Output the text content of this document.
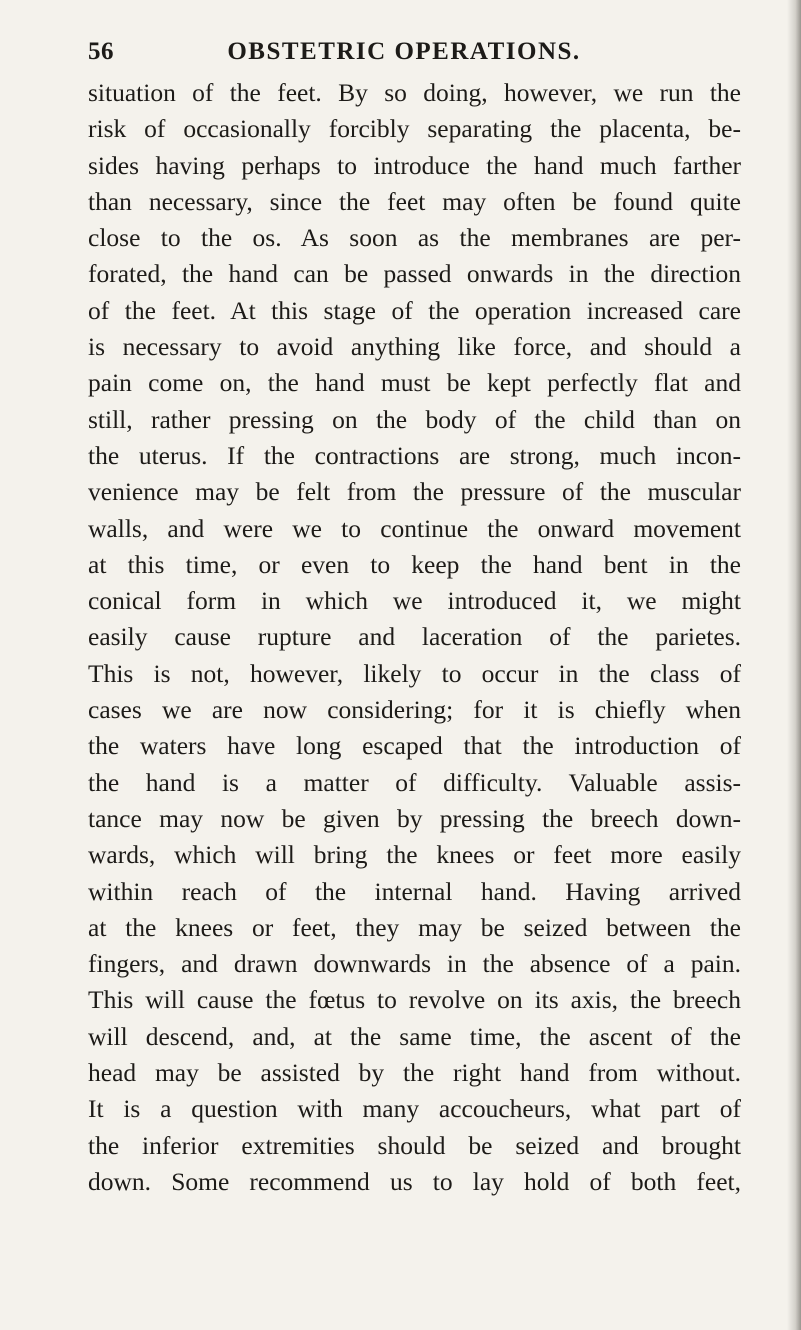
56	OBSTETRIC OPERATIONS.
situation of the feet. By so doing, however, we run the
risk of occasionally forcibly separating the placenta, be-
sides having perhaps to introduce the hand much farther
than necessary, since the feet may often be found quite
close to the os. As soon as the membranes are per-
forated, the hand can be passed onwards in the direction
of the feet. At this stage of the operation increased care
is necessary to avoid anything like force, and should a
pain come on, the hand must be kept perfectly flat and
still, rather pressing on the body of the child than on
the uterus. If the contractions are strong, much incon-
venience may be felt from the pressure of the muscular
walls, and were we to continue the onward movement
at this time, or even to keep the hand bent in the
conical form in which we introduced it, we might
easily cause rupture and laceration of the parietes.
This is not, however, likely to occur in the class of
cases we are now considering; for it is chiefly when
the waters have long escaped that the introduction of
the hand is a matter of difficulty. Valuable assis-
tance may now be given by pressing the breech down-
wards, which will bring the knees or feet more easily
within reach of the internal hand. Having arrived
at the knees or feet, they may be seized between the
fingers, and drawn downwards in the absence of a pain.
This will cause the fœtus to revolve on its axis, the breech
will descend, and, at the same time, the ascent of the
head may be assisted by the right hand from without.
It is a question with many accoucheurs, what part of
the inferior extremities should be seized and brought
down. Some recommend us to lay hold of both feet,
